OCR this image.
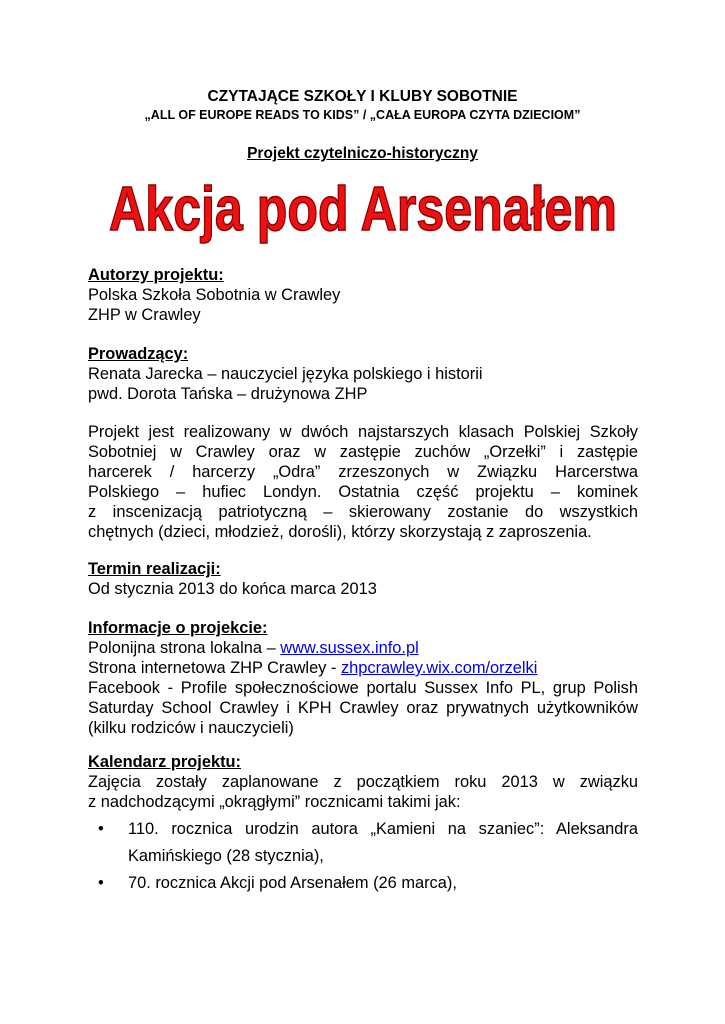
CZYTAJĄCE SZKOŁY I KLUBY SOBOTNIE
„ALL OF EUROPE READS TO KIDS” / „CAŁA EUROPA CZYTA DZIECIOM”
Projekt czytelniczo-historyczny
Akcja pod Arsenałem
Autorzy projektu:
Polska Szkoła Sobotnia w Crawley
ZHP w Crawley
Prowadzący:
Renata Jarecka – nauczyciel języka polskiego i historii
pwd. Dorota Tańska – drużynowa ZHP
Projekt jest realizowany w dwóch najstarszych klasach Polskiej Szkoły
Sobotniej w Crawley oraz w zastępie zuchów „Orzełki” i zastępie
harcerek / harcerzy „Odra” zrzeszonych w Związku Harcerstwa
Polskiego – hufiec Londyn. Ostatnia część projektu – kominek
z inscenizacją patriotyczną – skierowany zostanie do wszystkich
chętnych (dzieci, młodzież, dorośli), którzy skorzystają z zaproszenia.
Termin realizacji:
Od stycznia 2013 do końca marca 2013
Informacje o projekcie:
Polonijna strona lokalna – www.sussex.info.pl
Strona internetowa ZHP Crawley - zhpcrawley.wix.com/orzelki
Facebook - Profile społecznościowe portalu Sussex Info PL, grup Polish
Saturday School Crawley i KPH Crawley oraz prywatnych użytkowników
(kilku rodziców i nauczycieli)
Kalendarz projektu:
Zajęcia zostały zaplanowane z początkiem roku 2013 w związku
z nadchodzącymi „okrągłymi” rocznicami takimi jak:
• 110. rocznica urodzin autora „Kamieni na szaniec”: Aleksandra
Kamińskiego (28 stycznia),
• 70. rocznica Akcji pod Arsenałem (26 marca),
